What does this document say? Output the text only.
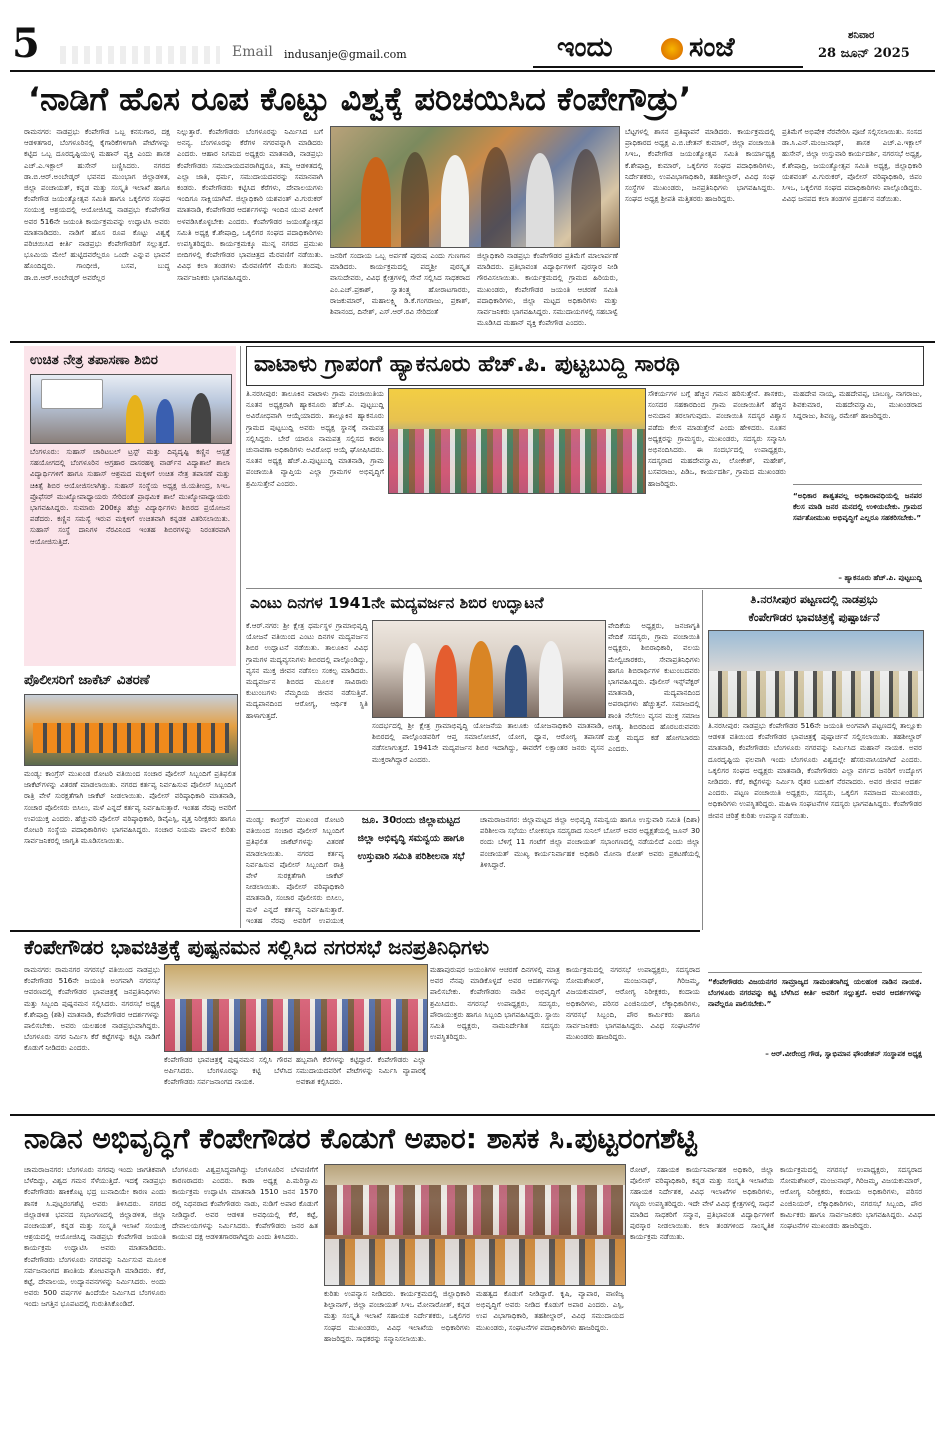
5	Email indusanje@gmail.com	ಇಂದು	ಸಂಜೆ	ಶನಿವಾರ
28 ಜೂನ್ 2025
‘ನಾಡಿಗೆ ಹೊಸ ರೂಪ ಕೊಟ್ಟು ವಿಶ್ವಕ್ಕೆ ಪರಿಚಯಿಸಿದ ಕೆಂಪೇಗೌಡ್ರು’
ರಾಮನಗರ: ನಾಡಪ್ರಭು ಕೆಂಪೇಗೌಡ ಒಬ್ಬ ಕನಸುಗಾರ, ದಕ್ಷ ಆಡಳಿತಗಾರ, ಬೆಂಗಳೂರಿನಲ್ಲಿ ಕೈಗಾರಿಕೆಗಳಿಗಾಗಿ ಪೇಟೆಗಳನ್ನು ಕಟ್ಟಿದ ಒಬ್ಬ ದೂರದೃಷ್ಟಿಯುಳ್ಳ ಮಹಾನ್ ವ್ಯಕ್ತಿ ಎಂದು ಶಾಸಕ ಎಚ್.ಎ.ಇಕ್ಬಾಲ್ ಹುಸೇನ್ ಬಣ್ಣಿಸಿದರು. ನಗರದ ಡಾ.ಬಿ.ಆರ್.ಅಂಬೇಡ್ಕರ್ ಭವನದ ಮುಂಭಾಗ ಜಿಲ್ಲಾಡಳಿತ, ಜಿಲ್ಲಾ ಪಂಚಾಯತ್, ಕನ್ನಡ ಮತ್ತು ಸಂಸ್ಕೃತಿ ಇಲಾಖೆ ಹಾಗೂ ಕೆಂಪೇಗೌಡ ಜಯಂತ್ಯೋತ್ಸವ ಸಮಿತಿ ಹಾಗೂ ಒಕ್ಕಲಿಗರ ಸಂಘದ ಸಂಯುಕ್ತ ಆಶ್ರಯದಲ್ಲಿ ಆಯೋಜಿಸಿದ್ದ ನಾಡಪ್ರಭು ಕೆಂಪೇಗೌಡ ಅವರ 516ನೇ ಜಯಂತಿ ಕಾರ್ಯಕ್ರಮವನ್ನು ಉದ್ಘಾಟಿಸಿ ಅವರು ಮಾತನಾಡಿದರು. ನಾಡಿಗೆ ಹೊಸ ರೂಪ ಕೊಟ್ಟು ವಿಶ್ವಕ್ಕೆ ಪರಿಚಯಿಸಿದ ಕೀರ್ತಿ ನಾಡಪ್ರಭು ಕೆಂಪೇಗೌಡರಿಗೆ ಸಲ್ಲುತ್ತದೆ. ಭೂಮಿಯ ಮೇಲೆ ಹುಟ್ಟಿದವರೆಲ್ಲರೂ ಒಂದೇ ಎನ್ನುವ ಭಾವನೆ ಹೊಂದಿದ್ದರು. ಗಾಂಧೀಜಿ, ಬಸವ, ಬುದ್ಧ ಡಾ.ಬಿ.ಆರ್.ಅಂಬೇಡ್ಕರ್ ಅವರೆಲ್ಲರ
ನಿಲ್ಲುತ್ತಾರೆ. ಕೆಂಪೇಗೌಡರು ಬೆಂಗಳೂರನ್ನು ನಿರ್ಮಿಸಿದ ಬಗೆ ಅನನ್ಯ. ಬೆಂಗಳೂರನ್ನು ಕೆರೆಗಳ ನಗರವನ್ನಾಗಿ ಮಾಡಿದರು ಎಂದರು. ಆಹಾರ ನಿಗಮದ ಅಧ್ಯಕ್ಷರು ಮಾತನಾಡಿ, ನಾಡಪ್ರಭು ಕೆಂಪೇಗೌಡರು ಸಮುದಾಯದವರಾಗಿದ್ದರೂ, ತಮ್ಮ ಆಡಳಿತದಲ್ಲಿ ಎಲ್ಲಾ ಜಾತಿ, ಧರ್ಮ, ಸಮುದಾಯದವರನ್ನು ಸಮಾನವಾಗಿ ಕಂಡರು. ಕೆಂಪೇಗೌಡರು ಕಟ್ಟಿಸಿದ ಕೆರೆಗಳು, ದೇವಾಲಯಗಳು ಇಂದಿಗೂ ಸಾಕ್ಷಿಯಾಗಿವೆ. ಜಿಲ್ಲಾಧಿಕಾರಿ ಯಶವಂತ್ ವಿ.ಗುರುಕರ್ ಮಾತನಾಡಿ, ಕೆಂಪೇಗೌಡರ ಆದರ್ಶಗಳನ್ನು ಇಂದಿನ ಯುವ ಪೀಳಿಗೆ ಅಳವಡಿಸಿಕೊಳ್ಳಬೇಕು ಎಂದರು. ಕೆಂಪೇಗೌಡರ ಜಯಂತ್ಯೋತ್ಸವ ಸಮಿತಿ ಅಧ್ಯಕ್ಷ ಕೆ.ಶೇಷಾದ್ರಿ, ಒಕ್ಕಲಿಗರ ಸಂಘದ ಪದಾಧಿಕಾರಿಗಳು ಉಪಸ್ಥಿತರಿದ್ದರು. ಕಾರ್ಯಕ್ರಮಕ್ಕೂ ಮುನ್ನ ನಗರದ ಪ್ರಮುಖ ಬೀದಿಗಳಲ್ಲಿ ಕೆಂಪೇಗೌಡರ ಭಾವಚಿತ್ರದ ಮೆರವಣಿಗೆ ನಡೆಯಿತು. ವಿವಿಧ ಕಲಾ ತಂಡಗಳು ಮೆರವಣಿಗೆಗೆ ಮೆರುಗು ತಂದವು. ಸಾರ್ವಜನಿಕರು ಭಾಗವಹಿಸಿದ್ದರು.
ಜನರಿಗೆ ಸಂದಾಯ ಒಬ್ಬ ಅರ್ಪಣೆ ಪುರುಷ ಎಂದು ಗುಣಗಾನ ಮಾಡಿದರು. ಕಾರ್ಯಕ್ರಮದಲ್ಲಿ ಪದ್ಮಶ್ರೀ ಪುರಸ್ಕೃತ ವಾಸುದೇವರು, ವಿವಿಧ ಕ್ಷೇತ್ರಗಳಲ್ಲಿ ಸೇವೆ ಸಲ್ಲಿಸಿದ ಸಾಧಕರಾದ ಎಂ.ಎಚ್.ಪ್ರಕಾಶ್, ಸ್ವಾತಂತ್ರ್ಯ ಹೋರಾಟಗಾರರು, ರಾಜಕುಮಾರ್, ಮಹಾಲಕ್ಷ್ಮಿ ಡಿ.ಕೆ.ಗಂಗರಾಜು, ಪ್ರಕಾಶ್, ಶಿವಾನಂದ, ದಿನೇಶ್, ಎಸ್.ಆರ್.ರವಿ ಸೇರಿದಂತೆ
ಜಿಲ್ಲಾಧಿಕಾರಿ ನಾಡಪ್ರಭು ಕೆಂಪೇಗೌಡರ ಪ್ರತಿಮೆಗೆ ಮಾಲಾರ್ಪಣೆ ಮಾಡಿದರು. ಪ್ರತಿಭಾವಂತ ವಿದ್ಯಾರ್ಥಿಗಳಿಗೆ ಪುರಸ್ಕಾರ ನೀಡಿ ಗೌರವಿಸಲಾಯಿತು. ಕಾರ್ಯಕ್ರಮದಲ್ಲಿ ಗ್ರಾಮದ ಹಿರಿಯರು, ಮುಖಂಡರು, ಕೆಂಪೇಗೌಡರ ಜಯಂತಿ ಆಚರಣೆ ಸಮಿತಿ ಪದಾಧಿಕಾರಿಗಳು, ಜಿಲ್ಲಾ ಮಟ್ಟದ ಅಧಿಕಾರಿಗಳು ಮತ್ತು ಸಾರ್ವಜನಿಕರು ಭಾಗವಹಿಸಿದ್ದರು. ಸಮುದಾಯಗಳಲ್ಲಿ ಸಹಬಾಳ್ವೆ ಮೂಡಿಸಿದ ಮಹಾನ್ ವ್ಯಕ್ತಿ ಕೆಂಪೇಗೌಡ ಎಂದರು.
ಬೆಟ್ಟಗಳಲ್ಲಿ ಶಾಸನ ಪ್ರತಿಷ್ಠಾಪನೆ ಮಾಡಿದರು. ಕಾರ್ಯಕ್ರಮದಲ್ಲಿ ಪ್ರಾಧಿಕಾರದ ಅಧ್ಯಕ್ಷ ಎ.ಬಿ.ಚೇತನ್ ಕುಮಾರ್, ಜಿಲ್ಲಾ ಪಂಚಾಯಿತಿ ಸಿಇಒ, ಕೆಂಪೇಗೌಡ ಜಯಂತ್ಯೋತ್ಸವ ಸಮಿತಿ ಕಾರ್ಯಾಧ್ಯಕ್ಷ ಕೆ.ಶೇಷಾದ್ರಿ, ಕುಮಾರ್, ಒಕ್ಕಲಿಗರ ಸಂಘದ ಪದಾಧಿಕಾರಿಗಳು, ನಿರ್ದೇಶಕರು, ಉಪವಿಭಾಗಾಧಿಕಾರಿ, ತಹಶೀಲ್ದಾರ್, ವಿವಿಧ ಸಂಘ ಸಂಸ್ಥೆಗಳ ಮುಖಂಡರು, ಜನಪ್ರತಿನಿಧಿಗಳು ಭಾಗವಹಿಸಿದ್ದರು. ಸಂಘದ ಅಧ್ಯಕ್ಷ ಶ್ರೀಪತಿ ಮತ್ತಿತರರು ಹಾಜರಿದ್ದರು.
ಪ್ರತಿಮೆಗೆ ಅಭಿಷೇಕ ನೆರವೇರಿಸಿ ಪೂಜೆ ಸಲ್ಲಿಸಲಾಯಿತು. ಸಂಸದ ಡಾ.ಸಿ.ಎನ್.ಮಂಜುನಾಥ್, ಶಾಸಕ ಎಚ್.ಎ.ಇಕ್ಬಾಲ್ ಹುಸೇನ್, ಜಿಲ್ಲಾ ಉಸ್ತುವಾರಿ ಕಾರ್ಯದರ್ಶಿ, ನಗರಸಭೆ ಅಧ್ಯಕ್ಷ, ಕೆ.ಶೇಷಾದ್ರಿ, ಜಯಂತ್ಯೋತ್ಸವ ಸಮಿತಿ ಅಧ್ಯಕ್ಷ, ಜಿಲ್ಲಾಧಿಕಾರಿ ಯಶವಂತ್ ವಿ.ಗುರುಕರ್, ಪೊಲೀಸ್ ವರಿಷ್ಠಾಧಿಕಾರಿ, ಜಿಪಂ ಸಿಇಒ, ಒಕ್ಕಲಿಗರ ಸಂಘದ ಪದಾಧಿಕಾರಿಗಳು ಪಾಲ್ಗೊಂಡಿದ್ದರು. ವಿವಿಧ ಜನಪದ ಕಲಾ ತಂಡಗಳ ಪ್ರದರ್ಶನ ನಡೆಯಿತು.
ಉಚಿತ ನೇತ್ರ ತಪಾಸಣಾ ಶಿಬಿರ
ಬೆಂಗಳೂರು: ಸುಹಾಸ್ ಚಾರಿಟಬಲ್ ಟ್ರಸ್ಟ್ ಮತ್ತು ದಿವ್ಯದೃಷ್ಟಿ ಕಣ್ಣಿನ ಆಸ್ಪತ್ರೆ ಸಹಯೋಗದಲ್ಲಿ ಬೆಂಗಳೂರಿನ ಆಗ್ರಹಾರ ದಾಸರಹಳ್ಳಿ ವಾರ್ಡ್‌ನ ವಿದ್ಯಾಶಾಲೆ ಶಾಲಾ ವಿದ್ಯಾರ್ಥಿಗಳಿಗೆ ಹಾಗೂ ಸುಹಾಸ್ ಆಶ್ರಮದ ಮಕ್ಕಳಿಗೆ ಉಚಿತ ನೇತ್ರ ತಪಾಸಣೆ ಮತ್ತು ಚಿಕಿತ್ಸೆ ಶಿಬಿರ ಆಯೋಜಿಸಲಾಗಿತ್ತು. ಸುಹಾಸ್ ಸಂಸ್ಥೆಯ ಅಧ್ಯಕ್ಷ ಜಿ.ಯತೀಂದ್ರ, ಸಿಇಒ ಪ್ರೊಫೆಸರ್ ಮುಖ್ಯೋಪಾಧ್ಯಾಯರು ಸೇರಿದಂತೆ ಪ್ರಾಥಮಿಕ ಶಾಲೆ ಮುಖ್ಯೋಪಾಧ್ಯಾಯರು ಭಾಗವಹಿಸಿದ್ದರು. ಸುಮಾರು 200ಕ್ಕೂ ಹೆಚ್ಚು ವಿದ್ಯಾರ್ಥಿಗಳು ಶಿಬಿರದ ಪ್ರಯೋಜನ ಪಡೆದರು. ಕಣ್ಣಿನ ಸಮಸ್ಯೆ ಇರುವ ಮಕ್ಕಳಿಗೆ ಉಚಿತವಾಗಿ ಕನ್ನಡಕ ವಿತರಿಸಲಾಯಿತು. ಸುಹಾಸ್ ಸಂಸ್ಥೆ ದಾನಿಗಳ ನೆರವಿನಿಂದ ಇಂತಹ ಶಿಬಿರಗಳನ್ನು ನಿರಂತರವಾಗಿ ಆಯೋಜಿಸುತ್ತಿದೆ.
ಪೊಲೀಸರಿಗೆ ಜಾಕೆಟ್ ವಿತರಣೆ
ಮಂಡ್ಯ: ಕಾಂಗ್ರೆಸ್ ಮುಖಂಡ ರೋಟರಿ ವತಿಯಿಂದ ಸಂಚಾರ ಪೊಲೀಸ್ ಸಿಬ್ಬಂದಿಗೆ ಪ್ರತಿಫಲಿತ ಜಾಕೆಟ್‌ಗಳನ್ನು ವಿತರಣೆ ಮಾಡಲಾಯಿತು. ನಗರದ ಕರ್ತವ್ಯ ನಿರ್ವಹಿಸುವ ಪೊಲೀಸ್ ಸಿಬ್ಬಂದಿಗೆ ರಾತ್ರಿ ವೇಳೆ ಸುರಕ್ಷತೆಗಾಗಿ ಜಾಕೆಟ್ ನೀಡಲಾಯಿತು. ಪೊಲೀಸ್ ವರಿಷ್ಠಾಧಿಕಾರಿ ಮಾತನಾಡಿ, ಸಂಚಾರ ಪೊಲೀಸರು ಬಿಸಿಲು, ಮಳೆ ಎನ್ನದೆ ಕರ್ತವ್ಯ ನಿರ್ವಹಿಸುತ್ತಾರೆ. ಇಂತಹ ನೆರವು ಅವರಿಗೆ ಉಪಯುಕ್ತ ಎಂದರು. ಹೆಚ್ಚುವರಿ ಪೊಲೀಸ್ ವರಿಷ್ಠಾಧಿಕಾರಿ, ಡಿವೈಎಸ್ಪಿ, ವೃತ್ತ ನಿರೀಕ್ಷಕರು ಹಾಗೂ ರೋಟರಿ ಸಂಸ್ಥೆಯ ಪದಾಧಿಕಾರಿಗಳು ಭಾಗವಹಿಸಿದ್ದರು. ಸಂಚಾರ ನಿಯಮ ಪಾಲನೆ ಕುರಿತು ಸಾರ್ವಜನಿಕರಲ್ಲಿ ಜಾಗೃತಿ ಮೂಡಿಸಲಾಯಿತು.
ವಾಟಾಳು ಗ್ರಾಪಂಗೆ ಹ್ಯಾಕನೂರು ಹೆಚ್.ಪಿ. ಪುಟ್ಟಬುದ್ದಿ ಸಾರಥಿ
ತಿ.ನರಸೀಪುರ: ತಾಲೂಕಿನ ವಾಟಾಳು ಗ್ರಾಮ ಪಂಚಾಯಿತಿಯ ನೂತನ ಅಧ್ಯಕ್ಷರಾಗಿ ಹ್ಯಾಕನೂರು ಹೆಚ್.ಪಿ. ಪುಟ್ಟಬುದ್ದಿ ಅವಿರೋಧವಾಗಿ ಆಯ್ಕೆಯಾದರು. ತಾಲ್ಲೂಕಿನ ಹ್ಯಾಕನೂರು ಗ್ರಾಮದ ಪುಟ್ಟಬುದ್ದಿ ಅವರು ಅಧ್ಯಕ್ಷ ಸ್ಥಾನಕ್ಕೆ ನಾಮಪತ್ರ ಸಲ್ಲಿಸಿದ್ದರು. ಬೇರೆ ಯಾರೂ ನಾಮಪತ್ರ ಸಲ್ಲಿಸದ ಕಾರಣ ಚುನಾವಣಾ ಅಧಿಕಾರಿಗಳು ಅವಿರೋಧ ಆಯ್ಕೆ ಘೋಷಿಸಿದರು. ನೂತನ ಅಧ್ಯಕ್ಷ ಹೆಚ್.ಪಿ.ಪುಟ್ಟಬುದ್ದಿ ಮಾತನಾಡಿ, ಗ್ರಾಮ ಪಂಚಾಯಿತಿ ವ್ಯಾಪ್ತಿಯ ಎಲ್ಲಾ ಗ್ರಾಮಗಳ ಅಭಿವೃದ್ಧಿಗೆ ಶ್ರಮಿಸುತ್ತೇನೆ ಎಂದರು.
ಸೌಕರ್ಯಗಳ ಬಗ್ಗೆ ಹೆಚ್ಚಿನ ಗಮನ ಹರಿಸುತ್ತೇನೆ. ಶಾಸಕರು, ಸಂಸದರ ಸಹಕಾರದಿಂದ ಗ್ರಾಮ ಪಂಚಾಯಿತಿಗೆ ಹೆಚ್ಚಿನ ಅನುದಾನ ತರಲಾಗುವುದು. ಪಂಚಾಯಿತಿ ಸದಸ್ಯರ ವಿಶ್ವಾಸ ಪಡೆದು ಕೆಲಸ ಮಾಡುತ್ತೇನೆ ಎಂದು ಹೇಳಿದರು. ನೂತನ ಅಧ್ಯಕ್ಷರನ್ನು ಗ್ರಾಮಸ್ಥರು, ಮುಖಂಡರು, ಸದಸ್ಯರು ಸನ್ಮಾನಿಸಿ ಅಭಿನಂದಿಸಿದರು. ಈ ಸಂದರ್ಭದಲ್ಲಿ ಉಪಾಧ್ಯಕ್ಷರು, ಸದಸ್ಯರಾದ ಮಹದೇವಸ್ವಾಮಿ, ಲೋಕೇಶ್, ಮಹೇಶ್, ಬಸವರಾಜು, ಪಿಡಿಒ, ಕಾರ್ಯದರ್ಶಿ, ಗ್ರಾಮದ ಮುಖಂಡರು ಹಾಜರಿದ್ದರು.
ಮಹದೇವ ನಾಯ್ಕ, ಮಹದೇವಪ್ಪ, ಬಾಬಣ್ಣ, ನಾಗರಾಜು, ಶಿವಕುಮಾರ, ಮಹದೇವಸ್ವಾಮಿ, ಮುಖಂಡರಾದ ಸಿದ್ದರಾಜು, ಶಿವಣ್ಣ, ರಮೇಶ್ ಹಾಜರಿದ್ದರು.
“ಅಧಿಕಾರ ಶಾಶ್ವತವಲ್ಲ ಅಧಿಕಾರಾವಧಿಯಲ್ಲಿ ಜನಪರ ಕೆಲಸ ಮಾಡಿ ಜನರ ಮನದಲ್ಲಿ ಉಳಿಯಬೇಕು. ಗ್ರಾಮದ ಸರ್ವತೋಮುಖ ಅಭಿವೃದ್ಧಿಗೆ ಎಲ್ಲರೂ ಸಹಕರಿಸಬೇಕು.”
– ಹ್ಯಾಕನೂರು ಹೆಚ್.ಪಿ. ಪುಟ್ಟಬುದ್ದಿ
ಎಂಟು ದಿನಗಳ 1941ನೇ ಮದ್ಯವರ್ಜನ ಶಿಬಿರ ಉದ್ಘಾಟನೆ
ಕೆ.ಆರ್.ನಗರ: ಶ್ರೀ ಕ್ಷೇತ್ರ ಧರ್ಮಸ್ಥಳ ಗ್ರಾಮಾಭಿವೃದ್ಧಿ ಯೋಜನೆ ವತಿಯಿಂದ ಎಂಟು ದಿನಗಳ ಮದ್ಯವರ್ಜನ ಶಿಬಿರ ಉದ್ಘಾಟನೆ ನಡೆಯಿತು. ತಾಲೂಕಿನ ವಿವಿಧ ಗ್ರಾಮಗಳ ಮದ್ಯವ್ಯಸನಿಗಳು ಶಿಬಿರದಲ್ಲಿ ಪಾಲ್ಗೊಂಡಿದ್ದು, ವ್ಯಸನ ಮುಕ್ತ ಜೀವನ ನಡೆಸಲು ಸಂಕಲ್ಪ ಮಾಡಿದರು. ಮದ್ಯವರ್ಜನ ಶಿಬಿರದ ಮೂಲಕ ಸಾವಿರಾರು ಕುಟುಂಬಗಳು ನೆಮ್ಮದಿಯ ಜೀವನ ನಡೆಸುತ್ತಿವೆ. ಮದ್ಯಪಾನದಿಂದ ಆರೋಗ್ಯ, ಆರ್ಥಿಕ ಸ್ಥಿತಿ ಹಾಳಾಗುತ್ತದೆ.
ಸಂದರ್ಭದಲ್ಲಿ ಶ್ರೀ ಕ್ಷೇತ್ರ ಗ್ರಾಮಾಭಿವೃದ್ಧಿ ಯೋಜನೆಯ ತಾಲೂಕು ಯೋಜನಾಧಿಕಾರಿ ಮಾತನಾಡಿ, ಶಿಬಿರದಲ್ಲಿ ಪಾಲ್ಗೊಂಡವರಿಗೆ ಆಪ್ತ ಸಮಾಲೋಚನೆ, ಯೋಗ, ಧ್ಯಾನ, ಆರೋಗ್ಯ ತಪಾಸಣೆ ನಡೆಸಲಾಗುತ್ತದೆ. 1941ನೇ ಮದ್ಯವರ್ಜನ ಶಿಬಿರ ಇದಾಗಿದ್ದು, ಈವರೆಗೆ ಲಕ್ಷಾಂತರ ಜನರು ವ್ಯಸನ ಮುಕ್ತರಾಗಿದ್ದಾರೆ ಎಂದರು.
ವೇದಿಕೆಯ ಅಧ್ಯಕ್ಷರು, ಜನಜಾಗೃತಿ ವೇದಿಕೆ ಸದಸ್ಯರು, ಗ್ರಾಮ ಪಂಚಾಯಿತಿ ಅಧ್ಯಕ್ಷರು, ಶಿಬಿರಾಧಿಕಾರಿ, ವಲಯ ಮೇಲ್ವಿಚಾರಕರು, ಸೇವಾಪ್ರತಿನಿಧಿಗಳು ಹಾಗೂ ಶಿಬಿರಾರ್ಥಿಗಳ ಕುಟುಂಬದವರು ಭಾಗವಹಿಸಿದ್ದರು. ಪೊಲೀಸ್ ಇನ್ಸ್‌ಪೆಕ್ಟರ್ ಮಾತನಾಡಿ, ಮದ್ಯಪಾನದಿಂದ ಅಪರಾಧಗಳು ಹೆಚ್ಚುತ್ತವೆ. ಸಮಾಜದಲ್ಲಿ ಶಾಂತಿ ನೆಲೆಸಲು ವ್ಯಸನ ಮುಕ್ತ ಸಮಾಜ ಅಗತ್ಯ. ಶಿಬಿರದಿಂದ ಹೊರಬರುವವರು ಮತ್ತೆ ಮದ್ಯದ ಕಡೆ ಹೋಗಬಾರದು ಎಂದರು.
ತಿ.ನರಸೀಪುರ ಪಟ್ಟಣದಲ್ಲಿ ನಾಡಪ್ರಭು
ಕೆಂಪೇಗೌಡರ ಭಾವಚಿತ್ರಕ್ಕೆ ಪುಷ್ಪಾರ್ಚನೆ
ತಿ.ನರಸೀಪುರ: ನಾಡಪ್ರಭು ಕೆಂಪೇಗೌಡರ 516ನೇ ಜಯಂತಿ ಅಂಗವಾಗಿ ಪಟ್ಟಣದಲ್ಲಿ ತಾಲ್ಲೂಕು ಆಡಳಿತ ವತಿಯಿಂದ ಕೆಂಪೇಗೌಡರ ಭಾವಚಿತ್ರಕ್ಕೆ ಪುಷ್ಪಾರ್ಚನೆ ಸಲ್ಲಿಸಲಾಯಿತು. ತಹಶೀಲ್ದಾರ್ ಮಾತನಾಡಿ, ಕೆಂಪೇಗೌಡರು ಬೆಂಗಳೂರು ನಗರವನ್ನು ನಿರ್ಮಿಸಿದ ಮಹಾನ್ ನಾಯಕ. ಅವರ ದೂರದೃಷ್ಟಿಯ ಫಲವಾಗಿ ಇಂದು ಬೆಂಗಳೂರು ವಿಶ್ವದಲ್ಲೇ ಹೆಸರುವಾಸಿಯಾಗಿದೆ ಎಂದರು. ಒಕ್ಕಲಿಗರ ಸಂಘದ ಅಧ್ಯಕ್ಷರು ಮಾತನಾಡಿ, ಕೆಂಪೇಗೌಡರು ಎಲ್ಲಾ ವರ್ಗದ ಜನರಿಗೆ ಉದ್ಯೋಗ ನೀಡಿದರು. ಕೆರೆ, ಕಟ್ಟೆಗಳನ್ನು ನಿರ್ಮಿಸಿ ರೈತರ ಬದುಕಿಗೆ ನೆರವಾದರು. ಅವರ ಜೀವನ ಆದರ್ಶ ಎಂದರು. ಪಟ್ಟಣ ಪಂಚಾಯಿತಿ ಅಧ್ಯಕ್ಷರು, ಸದಸ್ಯರು, ಒಕ್ಕಲಿಗ ಸಮಾಜದ ಮುಖಂಡರು, ಅಧಿಕಾರಿಗಳು ಉಪಸ್ಥಿತರಿದ್ದರು. ಮಹಿಳಾ ಸಂಘಟನೆಗಳ ಸದಸ್ಯರು ಭಾಗವಹಿಸಿದ್ದರು. ಕೆಂಪೇಗೌಡರ ಜೀವನ ಚರಿತ್ರೆ ಕುರಿತು ಉಪನ್ಯಾಸ ನಡೆಯಿತು.
“ಕೆಂಪೇಗೌಡರು ವಿಜಯನಗರ ಸಾಮ್ರಾಜ್ಯದ ಸಾಮಂತರಾಗಿದ್ದ ಯಲಹಂಕ ನಾಡಿನ ನಾಯಕ. ಬೆಂಗಳೂರು ನಗರವನ್ನು ಕಟ್ಟಿ ಬೆಳೆಸಿದ ಕೀರ್ತಿ ಅವರಿಗೆ ಸಲ್ಲುತ್ತದೆ. ಅವರ ಆದರ್ಶಗಳನ್ನು ನಾವೆಲ್ಲರೂ ಪಾಲಿಸಬೇಕು.”
– ಆರ್.ವೀರೇಂದ್ರ ಗೌಡ, ಸ್ವಾಭಿಮಾನ ಫೌಂಡೇಶನ್ ಸಂಸ್ಥಾಪಕ ಅಧ್ಯಕ್ಷ
ಮಂಡ್ಯ: ಕಾಂಗ್ರೆಸ್ ಮುಖಂಡ ರೋಟರಿ ವತಿಯಿಂದ ಸಂಚಾರ ಪೊಲೀಸ್ ಸಿಬ್ಬಂದಿಗೆ ಪ್ರತಿಫಲಿತ ಜಾಕೆಟ್‌ಗಳನ್ನು ವಿತರಣೆ ಮಾಡಲಾಯಿತು. ನಗರದ ಕರ್ತವ್ಯ ನಿರ್ವಹಿಸುವ ಪೊಲೀಸ್ ಸಿಬ್ಬಂದಿಗೆ ರಾತ್ರಿ ವೇಳೆ ಸುರಕ್ಷತೆಗಾಗಿ ಜಾಕೆಟ್ ನೀಡಲಾಯಿತು. ಪೊಲೀಸ್ ವರಿಷ್ಠಾಧಿಕಾರಿ ಮಾತನಾಡಿ, ಸಂಚಾರ ಪೊಲೀಸರು ಬಿಸಿಲು, ಮಳೆ ಎನ್ನದೆ ಕರ್ತವ್ಯ ನಿರ್ವಹಿಸುತ್ತಾರೆ. ಇಂತಹ ನೆರವು ಅವರಿಗೆ ಉಪಯುಕ್ತ
ಜೂ. 30ರಂದು ಜಿಲ್ಲಾಮಟ್ಟದ
ಜಿಲ್ಲಾ ಅಭಿವೃದ್ಧಿ ಸಮನ್ವಯ ಹಾಗೂ
ಉಸ್ತುವಾರಿ ಸಮಿತಿ ಪರಿಶೀಲನಾ ಸಭೆ
ಚಾಮರಾಜನಗರ: ಜಿಲ್ಲಾಮಟ್ಟದ ಜಿಲ್ಲಾ ಅಭಿವೃದ್ಧಿ ಸಮನ್ವಯ ಹಾಗೂ ಉಸ್ತುವಾರಿ ಸಮಿತಿ (ದಿಶಾ) ಪರಿಶೀಲನಾ ಸಭೆಯು ಲೋಕಸಭಾ ಸದಸ್ಯರಾದ ಸುನಿಲ್ ಬೋಸ್ ಅವರ ಅಧ್ಯಕ್ಷತೆಯಲ್ಲಿ ಜೂನ್ 30 ರಂದು ಬೆಳಿಗ್ಗೆ 11 ಗಂಟೆಗೆ ಜಿಲ್ಲಾ ಪಂಚಾಯತ್ ಸಭಾಂಗಣದಲ್ಲಿ ನಡೆಯಲಿದೆ ಎಂದು ಜಿಲ್ಲಾ ಪಂಚಾಯತ್ ಮುಖ್ಯ ಕಾರ್ಯನಿರ್ವಾಹಕ ಅಧಿಕಾರಿ ಮೋನಾ ರೋತ್ ಅವರು ಪ್ರಕಟಣೆಯಲ್ಲಿ ತಿಳಿಸಿದ್ದಾರೆ.
ಕೆಂಪೇಗೌಡರ ಭಾವಚಿತ್ರಕ್ಕೆ ಪುಷ್ಪನಮನ ಸಲ್ಲಿಸಿದ ನಗರಸಭೆ ಜನಪ್ರತಿನಿಧಿಗಳು
ರಾಮನಗರ: ರಾಮನಗರ ನಗರಸಭೆ ವತಿಯಿಂದ ನಾಡಪ್ರಭು ಕೆಂಪೇಗೌಡರ 516ನೇ ಜಯಂತಿ ಅಂಗವಾಗಿ ನಗರಸಭೆ ಆವರಣದಲ್ಲಿ ಕೆಂಪೇಗೌಡರ ಭಾವಚಿತ್ರಕ್ಕೆ ಜನಪ್ರತಿನಿಧಿಗಳು ಮತ್ತು ಸಿಬ್ಬಂದಿ ಪುಷ್ಪನಮನ ಸಲ್ಲಿಸಿದರು. ನಗರಸಭೆ ಅಧ್ಯಕ್ಷ ಕೆ.ಶೇಷಾದ್ರಿ (ಶಶಿ) ಮಾತನಾಡಿ, ಕೆಂಪೇಗೌಡರ ಆದರ್ಶಗಳನ್ನು ಪಾಲಿಸಬೇಕು. ಅವರು ಯಲಹಂಕ ನಾಡಪ್ರಭುವಾಗಿದ್ದರು. ಬೆಂಗಳೂರು ನಗರ ನಿರ್ಮಿಸಿ ಕೆರೆ ಕಟ್ಟೆಗಳನ್ನು ಕಟ್ಟಿಸಿ ನಾಡಿಗೆ ಕೊಡುಗೆ ನೀಡಿದರು ಎಂದರು.
ಕೆಂಪೇಗೌಡರ ಭಾವಚಿತ್ರಕ್ಕೆ ಪುಷ್ಪನಮನ ಸಲ್ಲಿಸಿ ಗೌರವ ಅರ್ಪಿಸಿದರು. ಬೆಂಗಳೂರನ್ನು ಕಟ್ಟಿ ಬೆಳೆಸಿದ ಕೆಂಪೇಗೌಡರು ಸರ್ವಜನಾಂಗದ ನಾಯಕ.
ಹಬ್ಬವಾಗಿ ಕೆರೆಗಳನ್ನು ಕಟ್ಟಿದ್ದಾರೆ. ಕೆಂಪೇಗೌಡರು ಎಲ್ಲಾ ಸಮುದಾಯದವರಿಗೆ ಪೇಟೆಗಳನ್ನು ನಿರ್ಮಿಸಿ ವ್ಯಾಪಾರಕ್ಕೆ ಅವಕಾಶ ಕಲ್ಪಿಸಿದರು.
ಮಹಾಪುರುಷರ ಜಯಂತಿಗಳ ಆಚರಣೆ ದಿನಗಳಲ್ಲಿ ಮಾತ್ರ ಅವರ ನೆನಪು ಮಾಡಿಕೊಳ್ಳದೆ ಅವರ ಆದರ್ಶಗಳನ್ನು ಪಾಲಿಸಬೇಕು. ಕೆಂಪೇಗೌಡರು ನಾಡಿನ ಅಭಿವೃದ್ಧಿಗೆ ಶ್ರಮಿಸಿದರು. ನಗರಸಭೆ ಉಪಾಧ್ಯಕ್ಷರು, ಸದಸ್ಯರು, ಪೌರಾಯುಕ್ತರು ಹಾಗೂ ಸಿಬ್ಬಂದಿ ಭಾಗವಹಿಸಿದ್ದರು. ಸ್ಥಾಯಿ ಸಮಿತಿ ಅಧ್ಯಕ್ಷರು, ನಾಮನಿರ್ದೇಶಿತ ಸದಸ್ಯರು ಉಪಸ್ಥಿತರಿದ್ದರು.
ಕಾರ್ಯಕ್ರಮದಲ್ಲಿ ನಗರಸಭೆ ಉಪಾಧ್ಯಕ್ಷರು, ಸದಸ್ಯರಾದ ಸೋಮಶೇಖರ್, ಮಂಜುನಾಥ್, ಗಿರಿಜಮ್ಮ, ವಿಜಯಕುಮಾರ್, ಆರೋಗ್ಯ ನಿರೀಕ್ಷಕರು, ಕಂದಾಯ ಅಧಿಕಾರಿಗಳು, ಪರಿಸರ ಎಂಜಿನಿಯರ್, ಲೆಕ್ಕಾಧಿಕಾರಿಗಳು, ನಗರಸಭೆ ಸಿಬ್ಬಂದಿ, ಪೌರ ಕಾರ್ಮಿಕರು ಹಾಗೂ ಸಾರ್ವಜನಿಕರು ಭಾಗವಹಿಸಿದ್ದರು. ವಿವಿಧ ಸಂಘಟನೆಗಳ ಮುಖಂಡರು ಹಾಜರಿದ್ದರು.
ನಾಡಿನ ಅಭಿವೃದ್ಧಿಗೆ ಕೆಂಪೇಗೌಡರ ಕೊಡುಗೆ ಅಪಾರ: ಶಾಸಕ ಸಿ.ಪುಟ್ಟರಂಗಶೆಟ್ಟಿ
ಚಾಮರಾಜನಗರ: ಬೆಂಗಳೂರು ನಗರವು ಇಂದು ಜಾಗತಿಕವಾಗಿ ಬೆಳೆದಿದ್ದು, ವಿಶ್ವದ ಗಮನ ಸೆಳೆಯುತ್ತಿದೆ. ಇದಕ್ಕೆ ನಾಡಪ್ರಭು ಕೆಂಪೇಗೌಡರು ಹಾಕಿಕೊಟ್ಟ ಭದ್ರ ಬುನಾದಿಯೇ ಕಾರಣ ಎಂದು ಶಾಸಕ ಸಿ.ಪುಟ್ಟರಂಗಶೆಟ್ಟಿ ಅವರು ತಿಳಿಸಿದರು. ನಗರದ ಜಿಲ್ಲಾಡಳಿತ ಭವನದ ಸಭಾಂಗಣದಲ್ಲಿ ಜಿಲ್ಲಾಡಳಿತ, ಜಿಲ್ಲಾ ಪಂಚಾಯತ್, ಕನ್ನಡ ಮತ್ತು ಸಂಸ್ಕೃತಿ ಇಲಾಖೆ ಸಂಯುಕ್ತ ಆಶ್ರಯದಲ್ಲಿ ಆಯೋಜಿಸಿದ್ದ ನಾಡಪ್ರಭು ಕೆಂಪೇಗೌಡ ಜಯಂತಿ ಕಾರ್ಯಕ್ರಮ ಉದ್ಘಾಟಿಸಿ ಅವರು ಮಾತನಾಡಿದರು. ಕೆಂಪೇಗೌಡರು ಬೆಂಗಳೂರು ನಗರವನ್ನು ನಿರ್ಮಿಸುವ ಮೂಲಕ ಸರ್ವಜನಾಂಗದ ಶಾಂತಿಯ ತೋಟವನ್ನಾಗಿ ಮಾಡಿದರು. ಕೆರೆ, ಕಟ್ಟೆ, ದೇವಾಲಯ, ಉದ್ಯಾನವನಗಳನ್ನು ನಿರ್ಮಿಸಿದರು. ಅಂದು ಅವರು 500 ವರ್ಷಗಳ ಹಿಂದೆಯೇ ನಿರ್ಮಿಸಿದ ಬೆಂಗಳೂರು ಇಂದು ಜಗತ್ತಿನ ಭೂಪಟದಲ್ಲಿ ಗುರುತಿಸಿಕೊಂಡಿದೆ.
ಬೆಂಗಳೂರು ವಿಶ್ವಪ್ರಸಿದ್ಧವಾಗಿದ್ದು ಬೆಂಗಳೂರಿನ ಬೆಳವಣಿಗೆಗೆ ಕಾರಣರಾದರು ಎಂದರು. ಕಾಡಾ ಅಧ್ಯಕ್ಷ ಪಿ.ಮರಿಸ್ವಾಮಿ ಕಾರ್ಯಕ್ರಮ ಉದ್ಘಾಟಿಸಿ ಮಾತನಾಡಿ 1510 ಜನನ 1570 ರಲ್ಲಿ ನಿಧನರಾದ ಕೆಂಪೇಗೌಡರು ನಾಡು, ನುಡಿಗೆ ಅಪಾರ ಕೊಡುಗೆ ನೀಡಿದ್ದಾರೆ. ಅವರ ಆಡಳಿತ ಅವಧಿಯಲ್ಲಿ ಕೆರೆ, ಕಟ್ಟೆ, ದೇವಾಲಯಗಳನ್ನು ನಿರ್ಮಿಸಿದರು. ಕೆಂಪೇಗೌಡರು ಜನರ ಹಿತ ಕಾಯುವ ದಕ್ಷ ಆಡಳಿತಗಾರರಾಗಿದ್ದರು ಎಂದು ತಿಳಿಸಿದರು.
ಕುರಿತು ಉಪನ್ಯಾಸ ನೀಡಿದರು. ಕಾರ್ಯಕ್ರಮದಲ್ಲಿ ಜಿಲ್ಲಾಧಿಕಾರಿ ಶಿಲ್ಪಾನಾಗ್, ಜಿಲ್ಲಾ ಪಂಚಾಯತ್ ಸಿಇಒ ಮೋನಾರೋತ್, ಕನ್ನಡ ಮತ್ತು ಸಂಸ್ಕೃತಿ ಇಲಾಖೆ ಸಹಾಯಕ ನಿರ್ದೇಶಕರು, ಒಕ್ಕಲಿಗರ ಸಂಘದ ಮುಖಂಡರು, ವಿವಿಧ ಇಲಾಖೆಯ ಅಧಿಕಾರಿಗಳು ಹಾಜರಿದ್ದರು. ಸಾಧಕರನ್ನು ಸನ್ಮಾನಿಸಲಾಯಿತು.
ಮಹತ್ವದ ಕೊಡುಗೆ ನೀಡಿದ್ದಾರೆ. ಕೃಷಿ, ವ್ಯಾಪಾರ, ವಾಣಿಜ್ಯ ಅಭಿವೃದ್ಧಿಗೆ ಅವರು ನೀಡಿದ ಕೊಡುಗೆ ಅಪಾರ ಎಂದರು. ಎಸ್ಪಿ, ಉಪ ವಿಭಾಗಾಧಿಕಾರಿ, ತಹಶೀಲ್ದಾರ್, ವಿವಿಧ ಸಮುದಾಯದ ಮುಖಂಡರು, ಸಂಘಟನೆಗಳ ಪದಾಧಿಕಾರಿಗಳು ಹಾಜರಿದ್ದರು.
ರೋಟ್, ಸಹಾಯಕ ಕಾರ್ಯನಿರ್ವಾಹಕ ಅಧಿಕಾರಿ, ಜಿಲ್ಲಾ ಪೊಲೀಸ್ ವರಿಷ್ಠಾಧಿಕಾರಿ, ಕನ್ನಡ ಮತ್ತು ಸಂಸ್ಕೃತಿ ಇಲಾಖೆಯ ಸಹಾಯಕ ನಿರ್ದೇಶಕ, ವಿವಿಧ ಇಲಾಖೆಗಳ ಅಧಿಕಾರಿಗಳು, ಗಣ್ಯರು ಉಪಸ್ಥಿತರಿದ್ದರು. ಇದೇ ವೇಳೆ ವಿವಿಧ ಕ್ಷೇತ್ರಗಳಲ್ಲಿ ಸಾಧನೆ ಮಾಡಿದ ಸಾಧಕರಿಗೆ ಸನ್ಮಾನ, ಪ್ರತಿಭಾವಂತ ವಿದ್ಯಾರ್ಥಿಗಳಿಗೆ ಪುರಸ್ಕಾರ ನೀಡಲಾಯಿತು. ಕಲಾ ತಂಡಗಳಿಂದ ಸಾಂಸ್ಕೃತಿಕ ಕಾರ್ಯಕ್ರಮ ನಡೆಯಿತು.
ಕಾರ್ಯಕ್ರಮದಲ್ಲಿ ನಗರಸಭೆ ಉಪಾಧ್ಯಕ್ಷರು, ಸದಸ್ಯರಾದ ಸೋಮಶೇಖರ್, ಮಂಜುನಾಥ್, ಗಿರಿಜಮ್ಮ, ವಿಜಯಕುಮಾರ್, ಆರೋಗ್ಯ ನಿರೀಕ್ಷಕರು, ಕಂದಾಯ ಅಧಿಕಾರಿಗಳು, ಪರಿಸರ ಎಂಜಿನಿಯರ್, ಲೆಕ್ಕಾಧಿಕಾರಿಗಳು, ನಗರಸಭೆ ಸಿಬ್ಬಂದಿ, ಪೌರ ಕಾರ್ಮಿಕರು ಹಾಗೂ ಸಾರ್ವಜನಿಕರು ಭಾಗವಹಿಸಿದ್ದರು. ವಿವಿಧ ಸಂಘಟನೆಗಳ ಮುಖಂಡರು ಹಾಜರಿದ್ದರು.
